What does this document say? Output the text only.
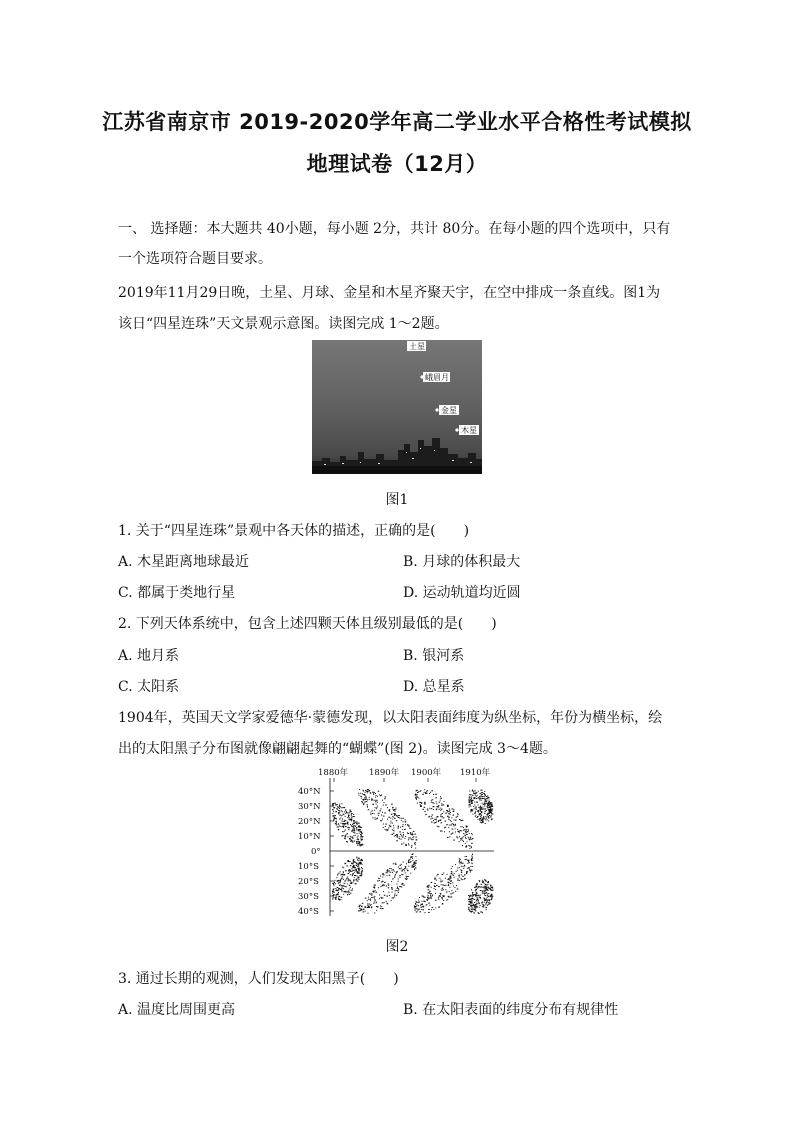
江苏省南京市 2019-2020学年高二学业水平合格性考试模拟
地理试卷（12月）
一、 选择题：本大题共 40小题，每小题 2分，共计 80分。在每小题的四个选项中，只有
一个选项符合题目要求。
2019年11月29日晚，土星、月球、金星和木星齐聚天宇，在空中排成一条直线。图1为
该日“四星连珠”天文景观示意图。读图完成 1～2题。
土星
峨眉月
金星
木星
图1
1. 关于“四星连珠”景观中各天体的描述，正确的是(　　)
A. 木星距离地球最近	B. 月球的体积最大
C. 都属于类地行星	D. 运动轨道均近圆
2. 下列天体系统中，包含上述四颗天体且级别最低的是(　　)
A. 地月系	B. 银河系
C. 太阳系	D. 总星系
1904年，英国天文学家爱德华·蒙德发现，以太阳表面纬度为纵坐标，年份为横坐标，绘
出的太阳黑子分布图就像翩翩起舞的“蝴蝶”(图 2)。读图完成 3～4题。
1880年 1890年 1900年 1910年
40°N
30°N
20°N
10°N
0°
10°S
20°S
30°S
40°S
图2
3. 通过长期的观测，人们发现太阳黑子(　　)
A. 温度比周围更高	B. 在太阳表面的纬度分布有规律性
